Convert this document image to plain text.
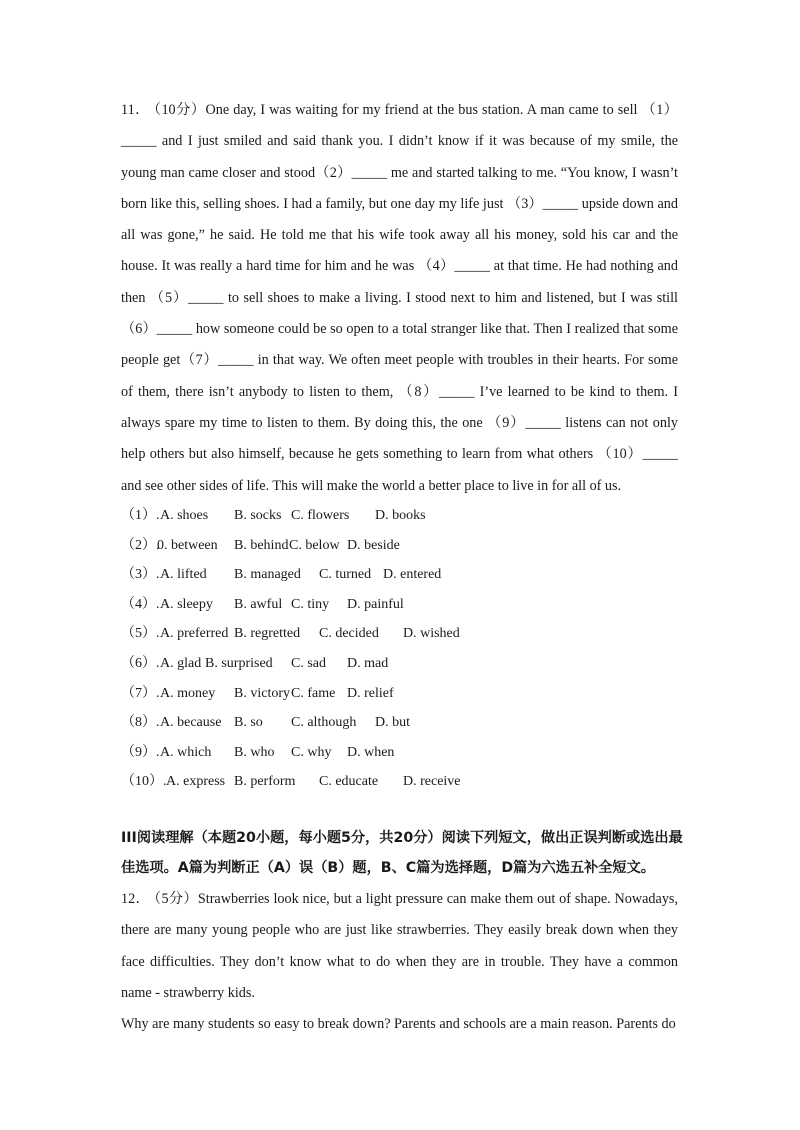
11． （10分）One day, I was waiting for my friend at the bus station. A man came to sell （1）_____ and I just smiled and said thank you. I didn’t know if it was because of my smile, the young man came closer and stood（2）_____ me and started talking to me. “You know, I wasn’t born like this, selling shoes. I had a family, but one day my life just （3）_____ upside down and all was gone,” he said. He told me that his wife took away all his money, sold his car and the house. It was really a hard time for him and he was （4）_____ at that time. He had nothing and then （5）_____ to sell shoes to make a living. I stood next to him and listened, but I was still （6）_____ how someone could be so open to a total stranger like that. Then I realized that some people get（7）_____ in that way. We often meet people with troubles in their hearts. For some of them, there isn’t anybody to listen to them, （8）_____ I’ve learned to be kind to them. I always spare my time to listen to them. By doing this, the one （9）_____ listens can not only help others but also himself, because he gets something to learn from what others （10）_____ and see other sides of life. This will make the world a better place to live in for all of us.
（1）. A. shoes B. socks C. flowers D. books
（2）.
0. between B. behind C. below D. beside
（3）. A. lifted B. managed C. turned D. entered
（4）. A. sleepy B. awful C. tiny D. painful
（5）. A. preferred B. regretted C. decided D. wished
（6）. A. glad B. surprised C. sad D. mad
（7）. A. money B. victory C. fame D. relief
（8）. A. because B. so C. although D. but
（9）. A. which B. who C. why D. when
（10）. A. express B. perform C. educate D. receive
III阅读理解（本题20小题，每小题5分，共20分）阅读下列短文，做出正误判断或选出最佳选项。A篇为判断正（A）误（B）题，B、C篇为选择题，D篇为六选五补全短文。
12． （5分）Strawberries look nice, but a light pressure can make them out of shape. Nowadays, there are many young people who are just like strawberries. They easily break down when they face difficulties. They don’t know what to do when they are in trouble. They have a common name - strawberry kids.
Why are many students so easy to break down? Parents and schools are a main reason. Parents do
